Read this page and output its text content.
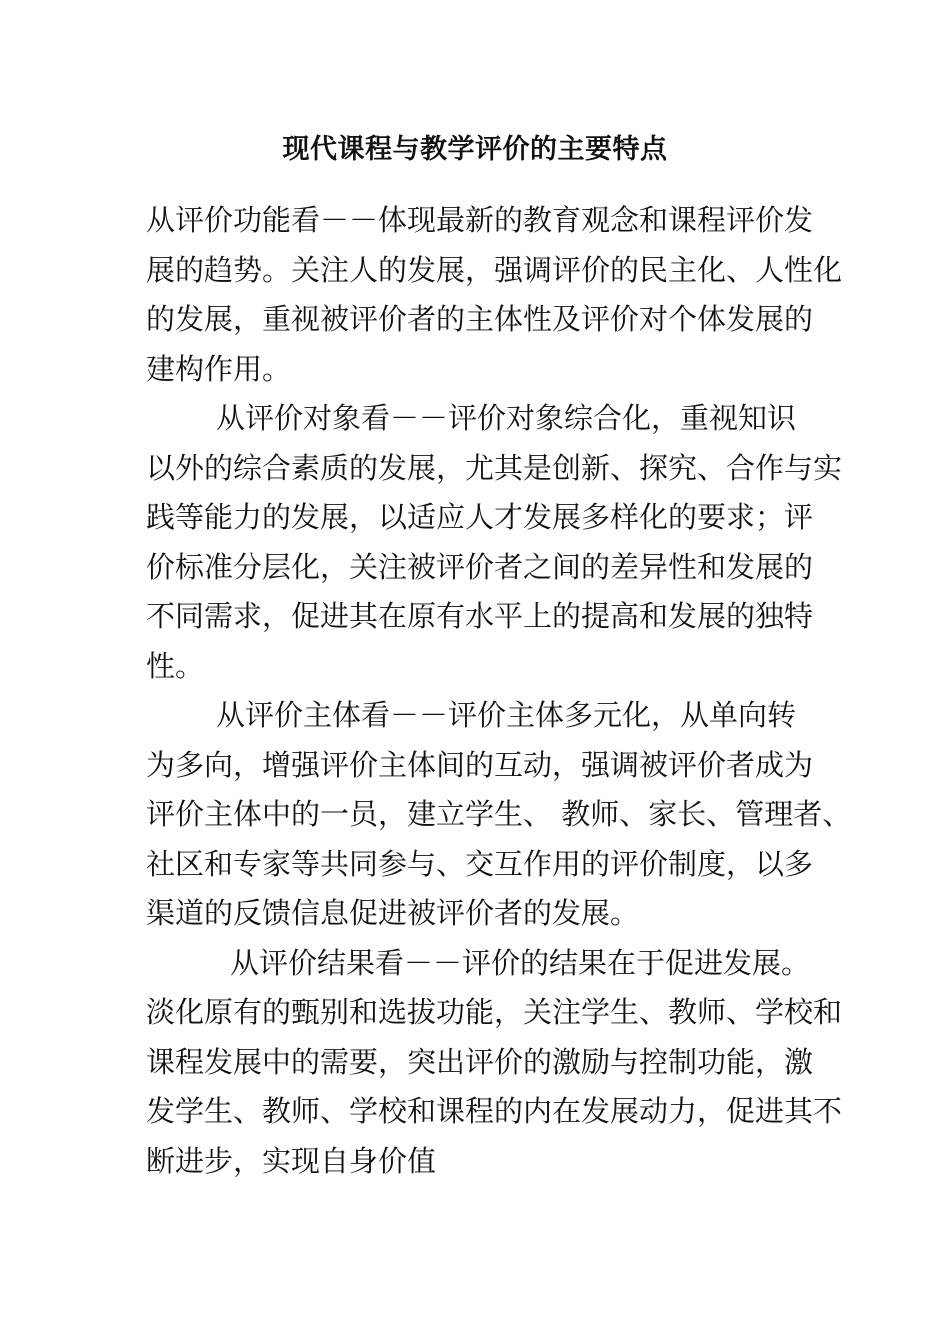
现代课程与教学评价的主要特点

从评价功能看－－体现最新的教育观念和课程评价发
展的趋势。关注人的发展，强调评价的民主化、人性化
的发展，重视被评价者的主体性及评价对个体发展的
建构作用。

从评价对象看－－评价对象综合化，重视知识
以外的综合素质的发展，尤其是创新、探究、合作与实
践等能力的发展，以适应人才发展多样化的要求；评
价标准分层化，关注被评价者之间的差异性和发展的
不同需求，促进其在原有水平上的提高和发展的独特
性。

从评价主体看－－评价主体多元化，从单向转
为多向，增强评价主体间的互动，强调被评价者成为
评价主体中的一员，建立学生、 教师、家长、管理者、
社区和专家等共同参与、交互作用的评价制度，以多
渠道的反馈信息促进被评价者的发展。

从评价结果看－－评价的结果在于促进发展。
淡化原有的甄别和选拔功能，关注学生、教师、学校和
课程发展中的需要，突出评价的激励与控制功能，激
发学生、教师、学校和课程的内在发展动力，促进其不
断进步，实现自身价值
